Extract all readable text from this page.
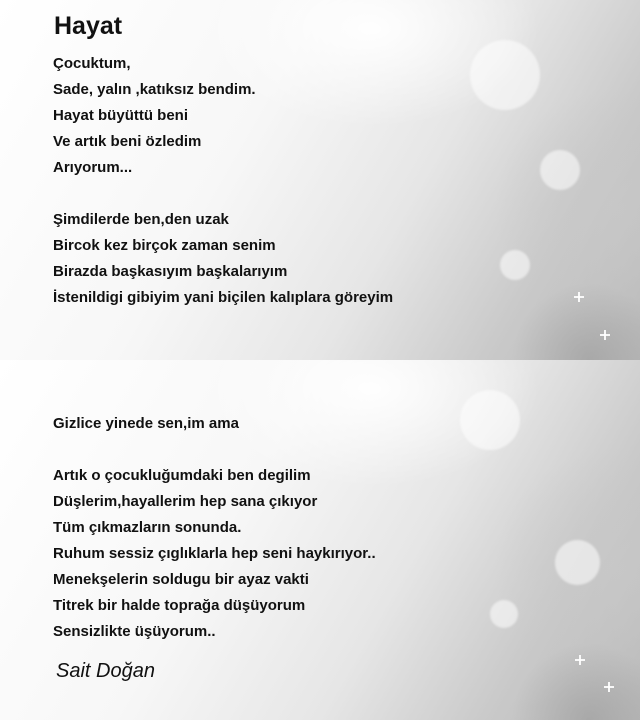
Hayat
Çocuktum,
Sade, yalın ,katıksız bendim.
Hayat büyüttü beni
Ve artık beni özledim
Arıyorum...
Şimdilerde ben,den uzak
Bircok kez birçok zaman senim
Birazda başkasıyım başkalarıyım
İstenildigi gibiyim yani biçilen kalıplara göreyim
Gizlice yinede sen,im ama
Artık o çocukluğumdaki ben degilim
Düşlerim,hayallerim hep sana çıkıyor
Tüm çıkmazların sonunda.
Ruhum sessiz çıglıklarla hep seni haykırıyor..
Menekşelerin soldugu bir ayaz vakti
Titrek bir halde toprağa düşüyorum
Sensizlikte üşüyorum..
Sait Doğan
